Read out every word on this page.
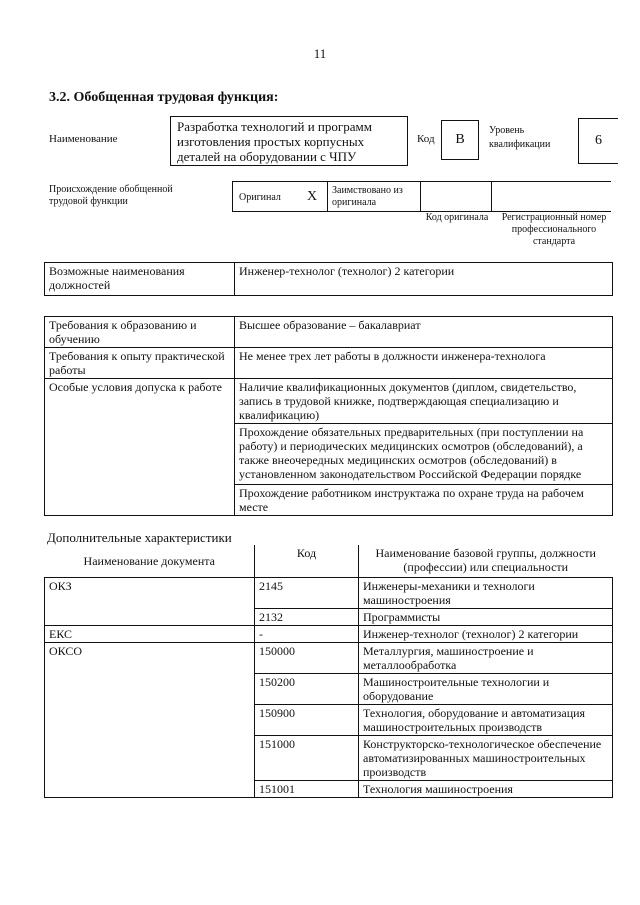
11
3.2. Обобщенная трудовая функция:
Наименование
Разработка технологий и программ изготовления простых корпусных деталей на оборудовании с ЧПУ
Код В
Уровень квалификации	6
Происхождение обобщенной трудовой функции	Оригинал X Заимствовано из оригинала
Код оригинала	Регистрационный номер профессионального стандарта
Возможные наименования должностей	Инженер-технолог (технолог) 2 категории
Требования к образованию и обучению	Высшее образование – бакалавриат
Требования к опыту практической работы	Не менее трех лет работы в должности инженера-технолога
Особые условия допуска к работе	Наличие квалификационных документов (диплом, свидетельство, запись в трудовой книжке, подтверждающая специализацию и квалификацию)
	Прохождение обязательных предварительных (при поступлении на работу) и периодических медицинских осмотров (обследований), а также внеочередных медицинских осмотров (обследований) в установленном законодательством Российской Федерации порядке
	Прохождение работником инструктажа по охране труда на рабочем месте
Дополнительные характеристики
Наименование документа	Код	Наименование базовой группы, должности (профессии) или специальности
ОКЗ	2145	Инженеры-механики и технологи машиностроения
	2132	Программисты
ЕКС	-	Инженер-технолог (технолог) 2 категории
ОКСО	150000	Металлургия, машиностроение и металлообработка
	150200	Машиностроительные технологии и оборудование
	150900	Технология, оборудование и автоматизация машиностроительных производств
	151000	Конструкторско-технологическое обеспечение автоматизированных машиностроительных производств
	151001	Технология машиностроения
